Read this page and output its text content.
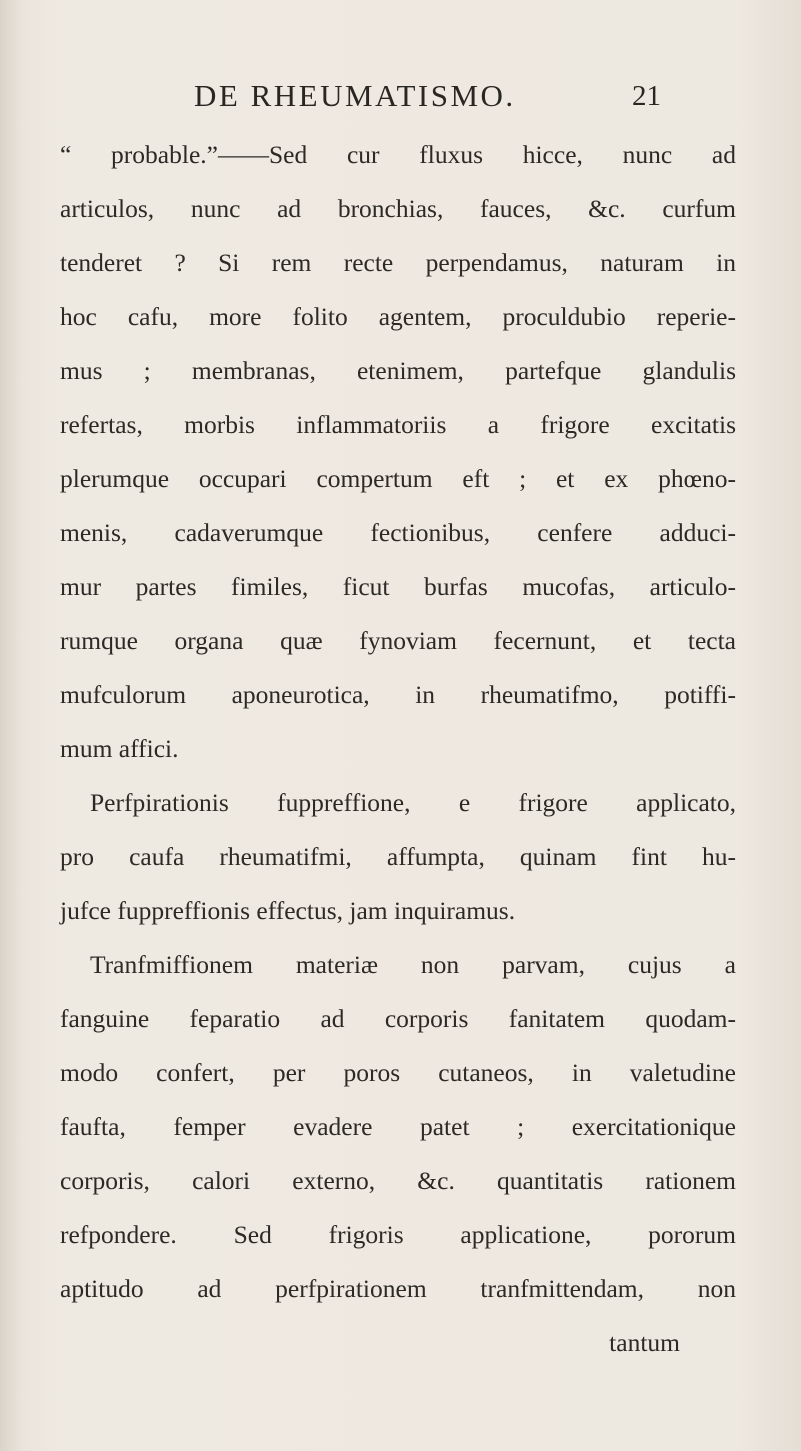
DE RHEUMATISMO.	21
“ probable.”——Sed cur fluxus hicce, nunc ad
articulos, nunc ad bronchias, fauces, &c. curfum
tenderet ? Si rem recte perpendamus, naturam in
hoc cafu, more folito agentem, proculdubio reperie-
mus ; membranas, etenimem, partefque glandulis
refertas, morbis inflammatoriis a frigore excitatis
plerumque occupari compertum eft ; et ex phœno-
menis, cadaverumque fectionibus, cenfere adduci-
mur partes fimiles, ficut burfas mucofas, articulo-
rumque organa quæ fynoviam fecernunt, et tecta
mufculorum aponeurotica, in rheumatifmo, potiffi-
mum affici.
Perfpirationis fuppreffione, e frigore applicato,
pro caufa rheumatifmi, affumpta, quinam fint hu-
jufce fuppreffionis effectus, jam inquiramus.
Tranfmiffionem materiæ non parvam, cujus a
fanguine feparatio ad corporis fanitatem quodam-
modo confert, per poros cutaneos, in valetudine
faufta, femper evadere patet ; exercitationique
corporis, calori externo, &c. quantitatis rationem
refpondere. Sed frigoris applicatione, pororum
aptitudo ad perfpirationem tranfmittendam, non
tantum
